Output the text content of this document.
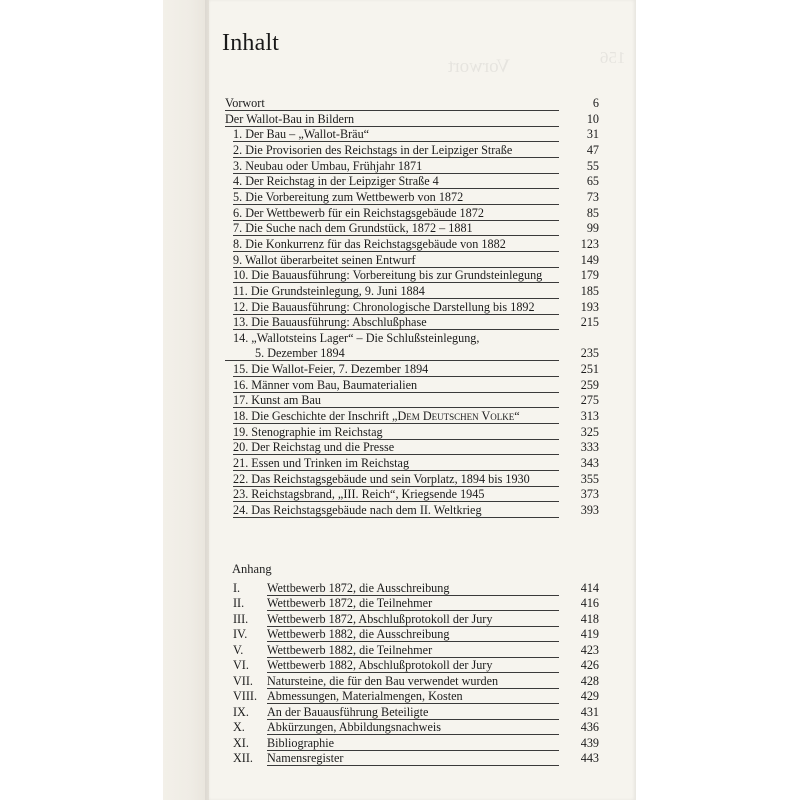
Vorwort	156
Inhalt
Anhang
Vorwort	6
Der Wallot-Bau in Bildern	10
1. Der Bau – „Wallot-Bräu“	31
2. Die Provisorien des Reichstags in der Leipziger Straße	47
3. Neubau oder Umbau, Frühjahr 1871	55
4. Der Reichstag in der Leipziger Straße 4	65
5. Die Vorbereitung zum Wettbewerb von 1872	73
6. Der Wettbewerb für ein Reichstagsgebäude 1872	85
7. Die Suche nach dem Grundstück, 1872 – 1881	99
8. Die Konkurrenz für das Reichstagsgebäude von 1882	123
9. Wallot überarbeitet seinen Entwurf	149
10. Die Bauausführung: Vorbereitung bis zur Grundsteinlegung	179
11. Die Grundsteinlegung, 9. Juni 1884	185
12. Die Bauausführung: Chronologische Darstellung bis 1892	193
13. Die Bauausführung: Abschlußphase	215
14. „Wallotsteins Lager“ – Die Schlußsteinlegung,
5. Dezember 1894	235
15. Die Wallot-Feier, 7. Dezember 1894	251
16. Männer vom Bau, Baumaterialien	259
17. Kunst am Bau	275
18. Die Geschichte der Inschrift „Dem Deutschen Volke“	313
19. Stenographie im Reichstag	325
20. Der Reichstag und die Presse	333
21. Essen und Trinken im Reichstag	343
22. Das Reichstagsgebäude und sein Vorplatz, 1894 bis 1930	355
23. Reichstagsbrand, „III. Reich“, Kriegsende 1945	373
24. Das Reichstagsgebäude nach dem II. Weltkrieg	393
I. Wettbewerb 1872, die Ausschreibung	414
II. Wettbewerb 1872, die Teilnehmer	416
III. Wettbewerb 1872, Abschlußprotokoll der Jury	418
IV. Wettbewerb 1882, die Ausschreibung	419
V. Wettbewerb 1882, die Teilnehmer	423
VI. Wettbewerb 1882, Abschlußprotokoll der Jury	426
VII. Natursteine, die für den Bau verwendet wurden	428
VIII. Abmessungen, Materialmengen, Kosten	429
IX. An der Bauausführung Beteiligte	431
X. Abkürzungen, Abbildungsnachweis	436
XI. Bibliographie	439
XII. Namensregister	443
